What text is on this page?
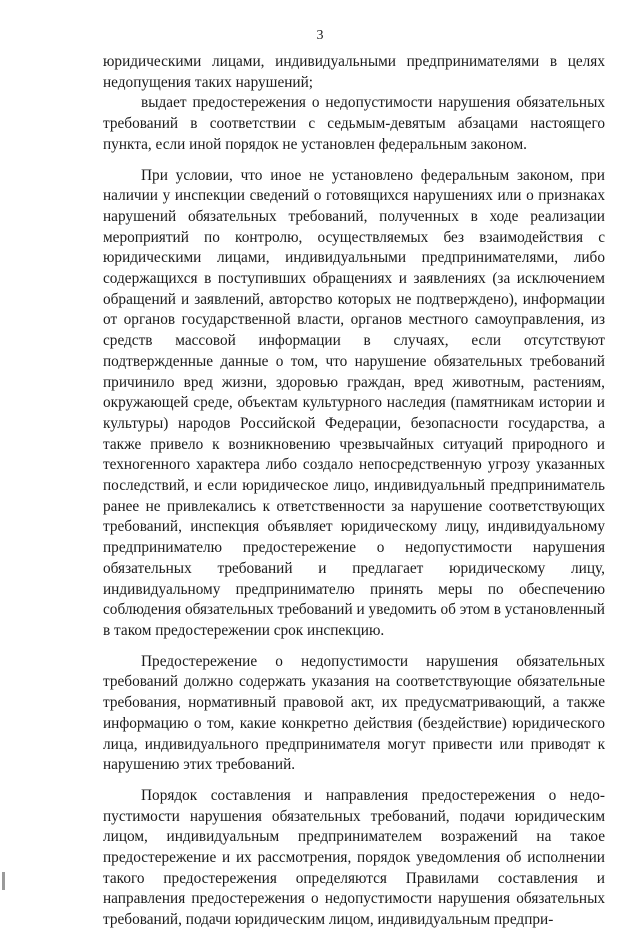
3

юридическими лицами, индивидуальными предпринимателями в целях недопущения таких нарушений;

выдает предостережения о недопустимости нарушения обязательных требований в соответствии с седьмым-девятым абзацами настоящего пункта, если иной порядок не установлен федеральным законом.

При условии, что иное не установлено федеральным законом, при наличии у инспекции сведений о готовящихся нарушениях или о признаках нарушений обязательных требований, полученных в ходе реализации мероприятий по контролю, осуществляемых без взаимодействия с юридическими лицами, индивидуальными предпринимателями, либо содержащихся в поступивших обращениях и заявлениях (за исключением обращений и заявлений, авторство которых не подтверждено), информации от органов государственной власти, органов местного самоуправления, из средств массовой информации в случаях, если отсутствуют подтвержденные данные о том, что нарушение обязательных требований причинило вред жизни, здоровью граждан, вред животным, растениям, окружающей среде, объектам культурного наследия (памятникам истории и культуры) народов Российской Федерации, безопасности государства, а также привело к возникновению чрезвычайных ситуаций природного и техногенного характера либо создало непосредственную угрозу указанных последствий, и если юридическое лицо, индивидуальный предприниматель ранее не привлекались к ответственности за нарушение соответствующих требований, инспекция объявляет юридическому лицу, индивидуальному предпринимателю предостережение о недопустимости нарушения обязательных требований и предлагает юридическому лицу, индивидуальному предпринимателю принять меры по обеспечению соблюдения обязательных требований и уведомить об этом в установленный в таком предостережении срок инспекцию.

Предостережение о недопустимости нарушения обязательных требований должно содержать указания на соответствующие обязательные требования, нормативный правовой акт, их предусматривающий, а также информацию о том, какие конкретно действия (бездействие) юридического лица, индивидуального предпринимателя могут привести или приводят к нарушению этих требований.

Порядок составления и направления предостережения о недопустимости нарушения обязательных требований, подачи юридическим лицом, индивидуальным предпринимателем возражений на такое предостережение и их рассмотрения, порядок уведомления об исполнении такого предостережения определяются Правилами составления и направления предостережения о недопустимости нарушения обязательных требований, подачи юридическим лицом, индивидуальным предпри-
